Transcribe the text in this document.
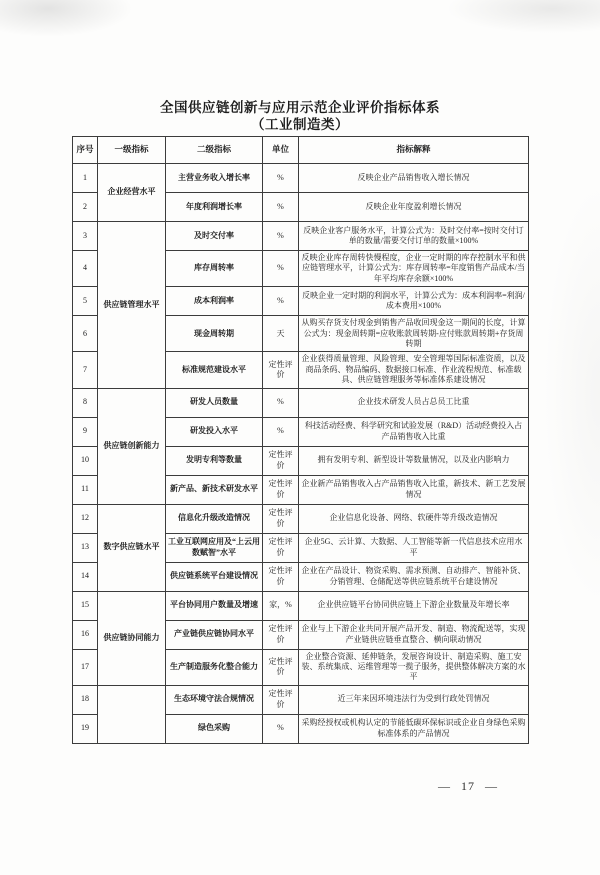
全国供应链创新与应用示范企业评价指标体系
（工业制造类）
序号	一级指标	二级指标	单位	指标解释
1	企业经营水平	主营业务收入增长率	%	反映企业产品销售收入增长情况
2		年度利润增长率	%	反映企业年度盈利增长情况
3	供应链管理水平	及时交付率	%	反映企业客户服务水平，计算公式为：及时交付率=按时交付订单的数量/需要交付订单的数量×100%
4		库存周转率	%	反映企业库存周转快慢程度，企业一定时期的库存控制水平和供应链管理水平，计算公式为：库存周转率=年度销售产品成本/当年平均库存余额×100%
5		成本利润率	%	反映企业一定时期的利润水平，计算公式为：成本利润率=利润/成本费用×100%
6		现金周转期	天	从购买存货支付现金到销售产品收回现金这一期间的长度，计算公式为：现金周转期=应收账款周转期-应付账款周转期+存货周转期
7		标准规范建设水平	定性评价	企业获得质量管理、风险管理、安全管理等国际标准资质，以及商品条码、物品编码、数据接口标准、作业流程规范、标准载具、供应链管理服务等标准体系建设情况
8	供应链创新能力	研发人员数量	%	企业技术研发人员占总员工比重
9		研发投入水平	%	科技活动经费、科学研究和试验发展（R&D）活动经费投入占产品销售收入比重
10		发明专利等数量	定性评价	拥有发明专利、新型设计等数量情况，以及业内影响力
11		新产品、新技术研发水平	定性评价	企业新产品销售收入占产品销售收入比重，新技术、新工艺发展情况
12	数字供应链水平	信息化升级改造情况	定性评价	企业信息化设备、网络、软硬件等升级改造情况
13		工业互联网应用及“上云用数赋智”水平	定性评价	企业5G、云计算、大数据、人工智能等新一代信息技术应用水平
14		供应链系统平台建设情况	定性评价	企业在产品设计、物资采购、需求预测、自动排产、智能补货、分销管理、仓储配送等供应链系统平台建设情况
15	供应链协同能力	平台协同用户数量及增速	家，%	企业供应链平台协同供应链上下游企业数量及年增长率
16		产业链供应链协同水平	定性评价	企业与上下游企业共同开展产品开发、制造、物流配送等，实现产业链供应链垂直整合、横向联动情况
17		生产制造服务化整合能力	定性评价	企业整合资源、延伸链条，发展咨询设计、制造采购、施工安装、系统集成、运维管理等一揽子服务，提供整体解决方案的水平
18		生态环境守法合规情况	定性评价	近三年来因环境违法行为受到行政处罚情况
19		绿色采购	%	采购经授权或机构认定的节能低碳环保标识或企业自身绿色采购标准体系的产品情况
— 17 —
